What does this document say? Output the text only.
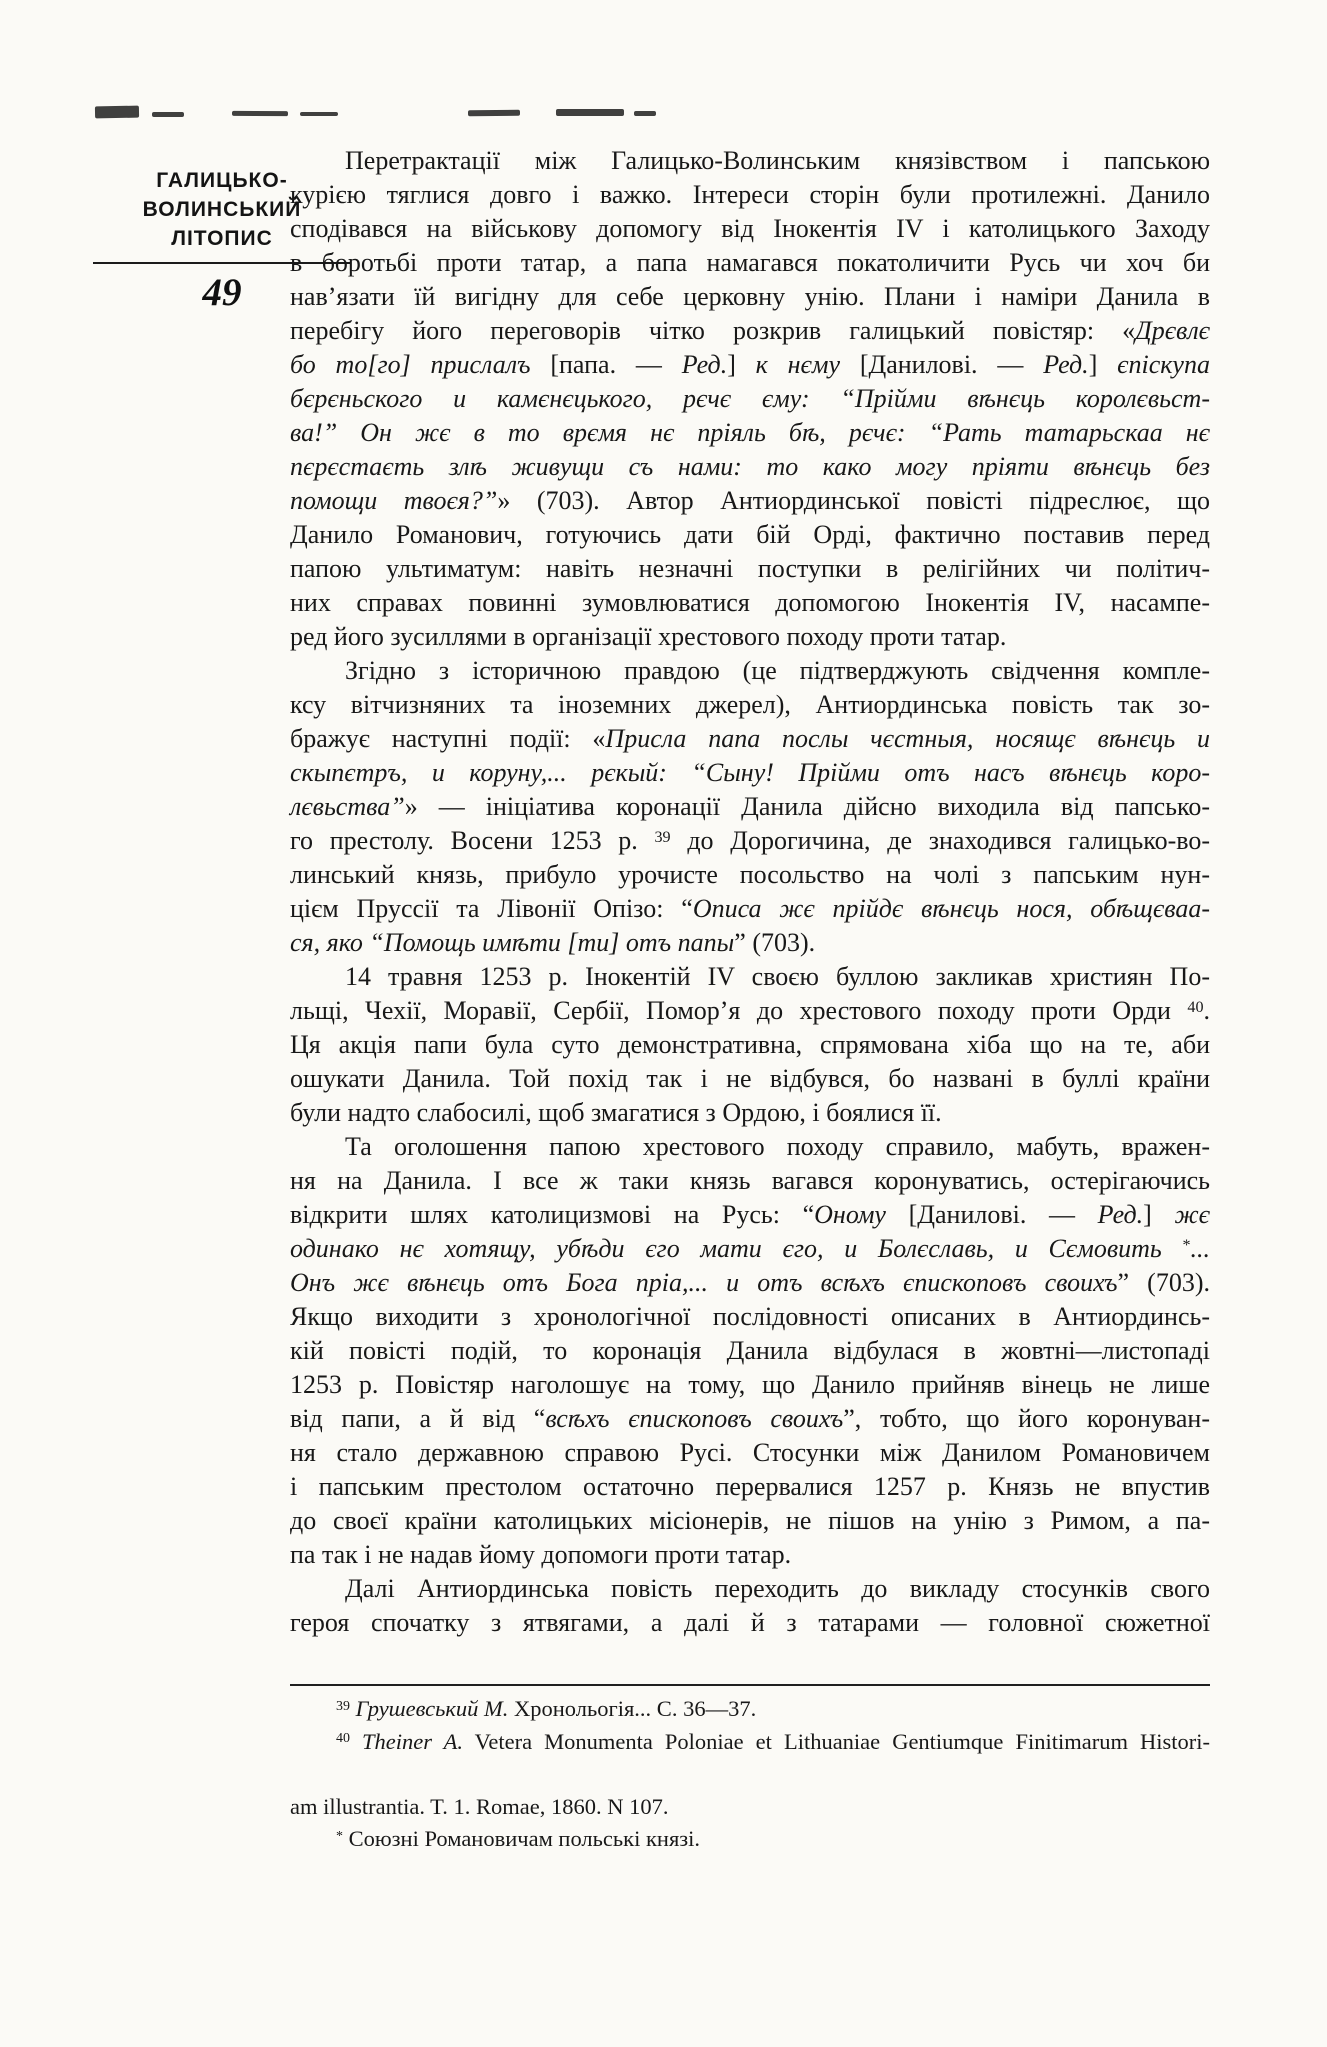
ГАЛИЦЬКО-
ВОЛИНСЬКИЙ
ЛІТОПИС
49
Перетрактації між Галицько-Волинським князівством і папською
курією тяглися довго і важко. Інтереси сторін були протилежні. Данило
сподівався на військову допомогу від Інокентія IV і католицького Заходу
в боротьбі проти татар, а папа намагався покатоличити Русь чи хоч би
нав’язати їй вигідну для себе церковну унію. Плани і наміри Данила в
перебігу його переговорів чітко розкрив галицький повістяр: «Дрєвлє
бо то[го] прислалъ [папа. — Ред.] к нєму [Данилові. — Ред.] єпіскупа
бєрєньского и камєнєцького, рєчє єму: “Прійми вѣнєць королєвьст-
ва!” Он жє в то врємя нє пріяль бѣ, рєчє: “Рать татарьскаа нє
пєрєстаєть злѣ живущи съ нами: то како могу пріяти вѣнєць без
помощи твоєя?”» (703). Автор Антиординської повісті підреслює, що
Данило Романович, готуючись дати бій Орді, фактично поставив перед
папою ультиматум: навіть незначні поступки в релігійних чи політич-
них справах повинні зумовлюватися допомогою Інокентія IV, насампе-
ред його зусиллями в організації хрестового походу проти татар.
Згідно з історичною правдою (це підтверджують свідчення компле-
ксу вітчизняних та іноземних джерел), Антиординська повість так зо-
бражує наступні події: «Присла папа послы чєстныя, носящє вѣнєць и
скыпєтръ, и коруну,... рєкый: “Сыну! Прійми отъ насъ вѣнєць коро-
лєвьства”» — ініціатива коронації Данила дійсно виходила від папсько-
го престолу. Восени 1253 р. $^{39}$ до Дорогичина, де знаходився галицько-во-
линський князь, прибуло урочисте посольство на чолі з папським нун-
цієм Пруссії та Лівонії Опізо: “Описа жє прійдє вѣнєць нося, обѣщєваа-
ся, яко “Помощь имѣти [ти] отъ папы” (703).
14 травня 1253 р. Інокентій IV своєю буллою закликав християн По-
льщі, Чехії, Моравії, Сербії, Помор’я до хрестового походу проти Орди $^{40}$.
Ця акція папи була суто демонстративна, спрямована хіба що на те, аби
ошукати Данила. Той похід так і не відбувся, бо названі в буллі країни
були надто слабосилі, щоб змагатися з Ордою, і боялися її.
Та оголошення папою хрестового походу справило, мабуть, вражен-
ня на Данила. І все ж таки князь вагався коронуватись, остерігаючись
відкрити шлях католицизмові на Русь: “Оному [Данилові. — Ред.] жє
одинако нє хотящу, убѣди єго мати єго, и Болєславь, и Сємовить *...
Онъ жє вѣнєць отъ Бога пріа,... и отъ всѣхъ єпископовъ своихъ” (703).
Якщо виходити з хронологічної послідовності описаних в Антиординсь-
кій повісті подій, то коронація Данила відбулася в жовтні—листопаді
1253 р. Повістяр наголошує на тому, що Данило прийняв вінець не лише
від папи, а й від “всѣхъ єпископовъ своихъ”, тобто, що його коронуван-
ня стало державною справою Русі. Стосунки між Данилом Романовичем
і папським престолом остаточно перервалися 1257 р. Князь не впустив
до своєї країни католицьких місіонерів, не пішов на унію з Римом, а па-
па так і не надав йому допомоги проти татар.
Далі Антиординська повість переходить до викладу стосунків свого
героя спочатку з ятвягами, а далі й з татарами — головної сюжетної
$^{39}$ Грушевський М. Хронольогія... С. 36—37.
$^{40}$ Theiner A. Vetera Monumenta Poloniae et Lithuaniae Gentiumque Finitimarum Histori-
am illustrantia. T. 1. Romae, 1860. N 107.
* Союзні Романовичам польські князі.
